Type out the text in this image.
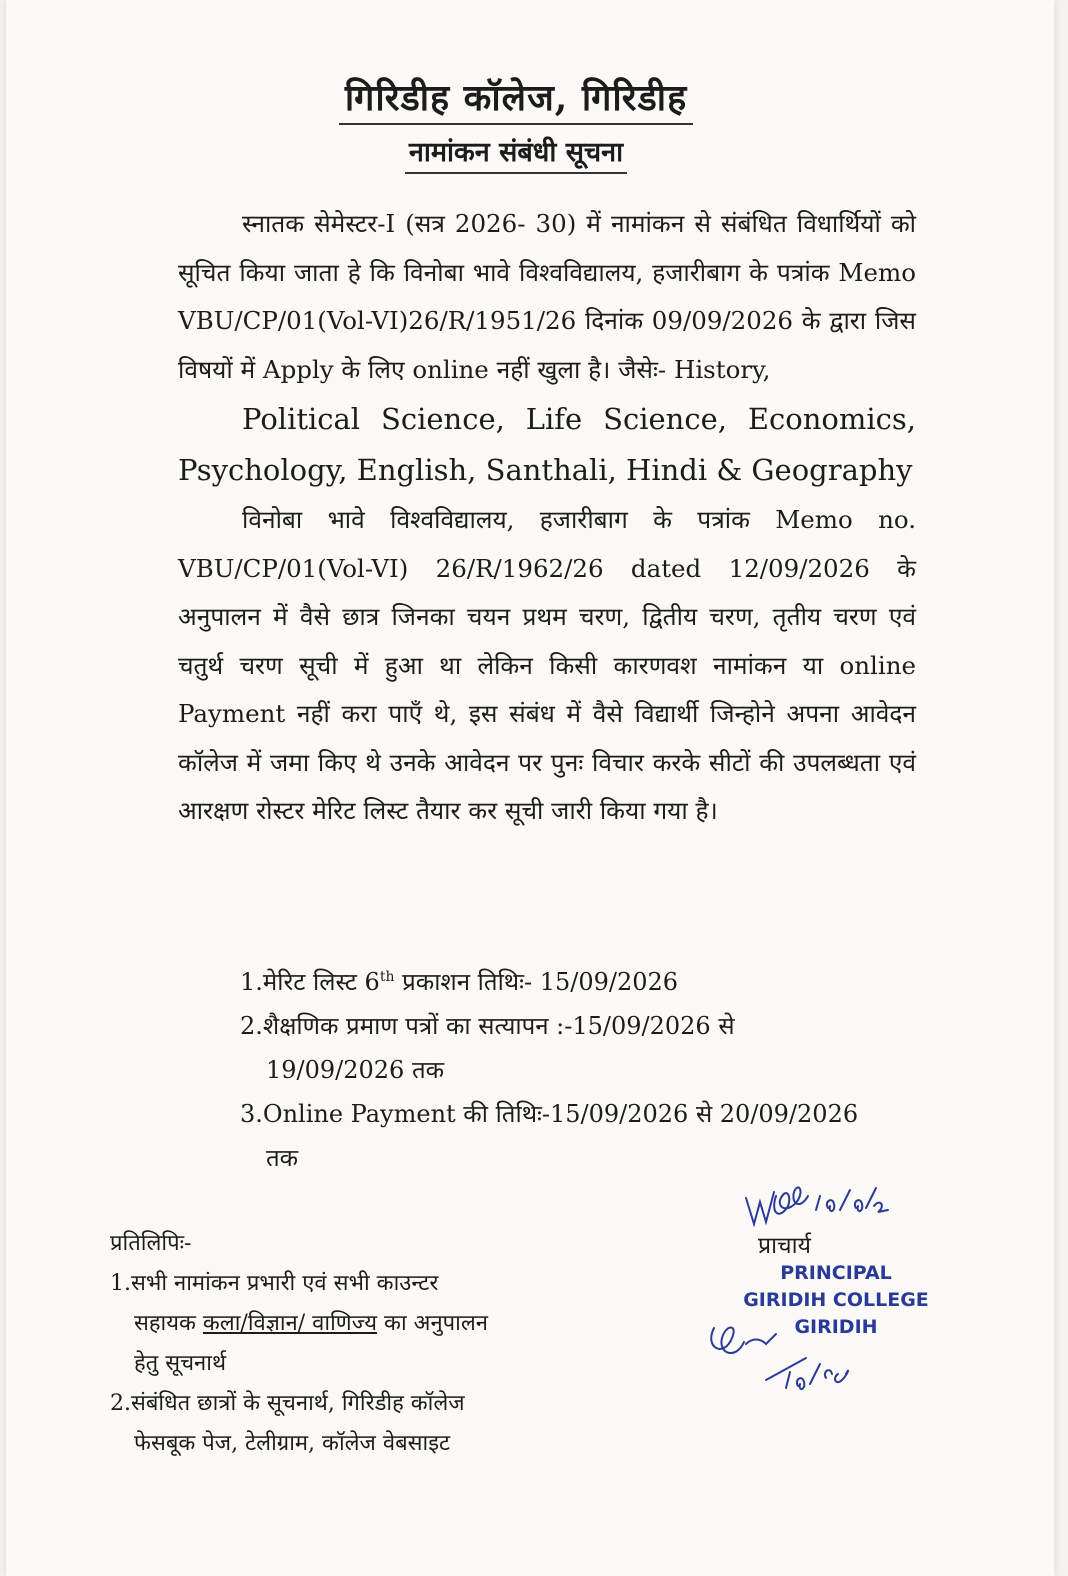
गिरिडीह कॉलेज, गिरिडीह
नामांकन संबंधी सूचना

स्नातक सेमेस्टर-I (सत्र 2026- 30) में नामांकन से संबंधित विधार्थियों को सूचित किया जाता हे कि विनोबा भावे विश्वविद्यालय, हजारीबाग के पत्रांक Memo VBU/CP/01(Vol-VI)26/R/1951/26 दिनांक 09/09/2026 के द्वारा जिस विषयों में Apply के लिए online नहीं खुला है। जैसेः- History,
Political Science, Life Science, Economics, Psychology, English, Santhali, Hindi & Geography

विनोबा भावे विश्वविद्यालय, हजारीबाग के पत्रांक Memo no. VBU/CP/01(Vol-VI) 26/R/1962/26 dated 12/09/2026 के अनुपालन में वैसे छात्र जिनका चयन प्रथम चरण, द्वितीय चरण, तृतीय चरण एवं चतुर्थ चरण सूची में हुआ था लेकिन किसी कारणवश नामांकन या online Payment नहीं करा पाएँ थे, इस संबंध में वैसे विद्यार्थी जिन्होने अपना आवेदन कॉलेज में जमा किए थे उनके आवेदन पर पुनः विचार करके सीटों की उपलब्धता एवं आरक्षण रोस्टर मेरिट लिस्ट तैयार कर सूची जारी किया गया है।

1.मेरिट लिस्ट 6th प्रकाशन तिथिः- 15/09/2026

2.शैक्षणिक प्रमाण पत्रों का सत्यापन :-15/09/2026 से
19/09/2026 तक

3.Online Payment की तिथिः-15/09/2026 से 20/09/2026
तक

प्रतिलिपिः-

1.सभी नामांकन प्रभारी एवं सभी काउन्टर
सहायक कला/विज्ञान/ वाणिज्य का अनुपालन
हेतु सूचनार्थ

2.संबंधित छात्रों के सूचनार्थ, गिरिडीह कॉलेज
फेसबूक पेज, टेलीग्राम, कॉलेज वेबसाइट

प्राचार्य
PRINCIPAL
GIRIDIH COLLEGE
GIRIDIH
